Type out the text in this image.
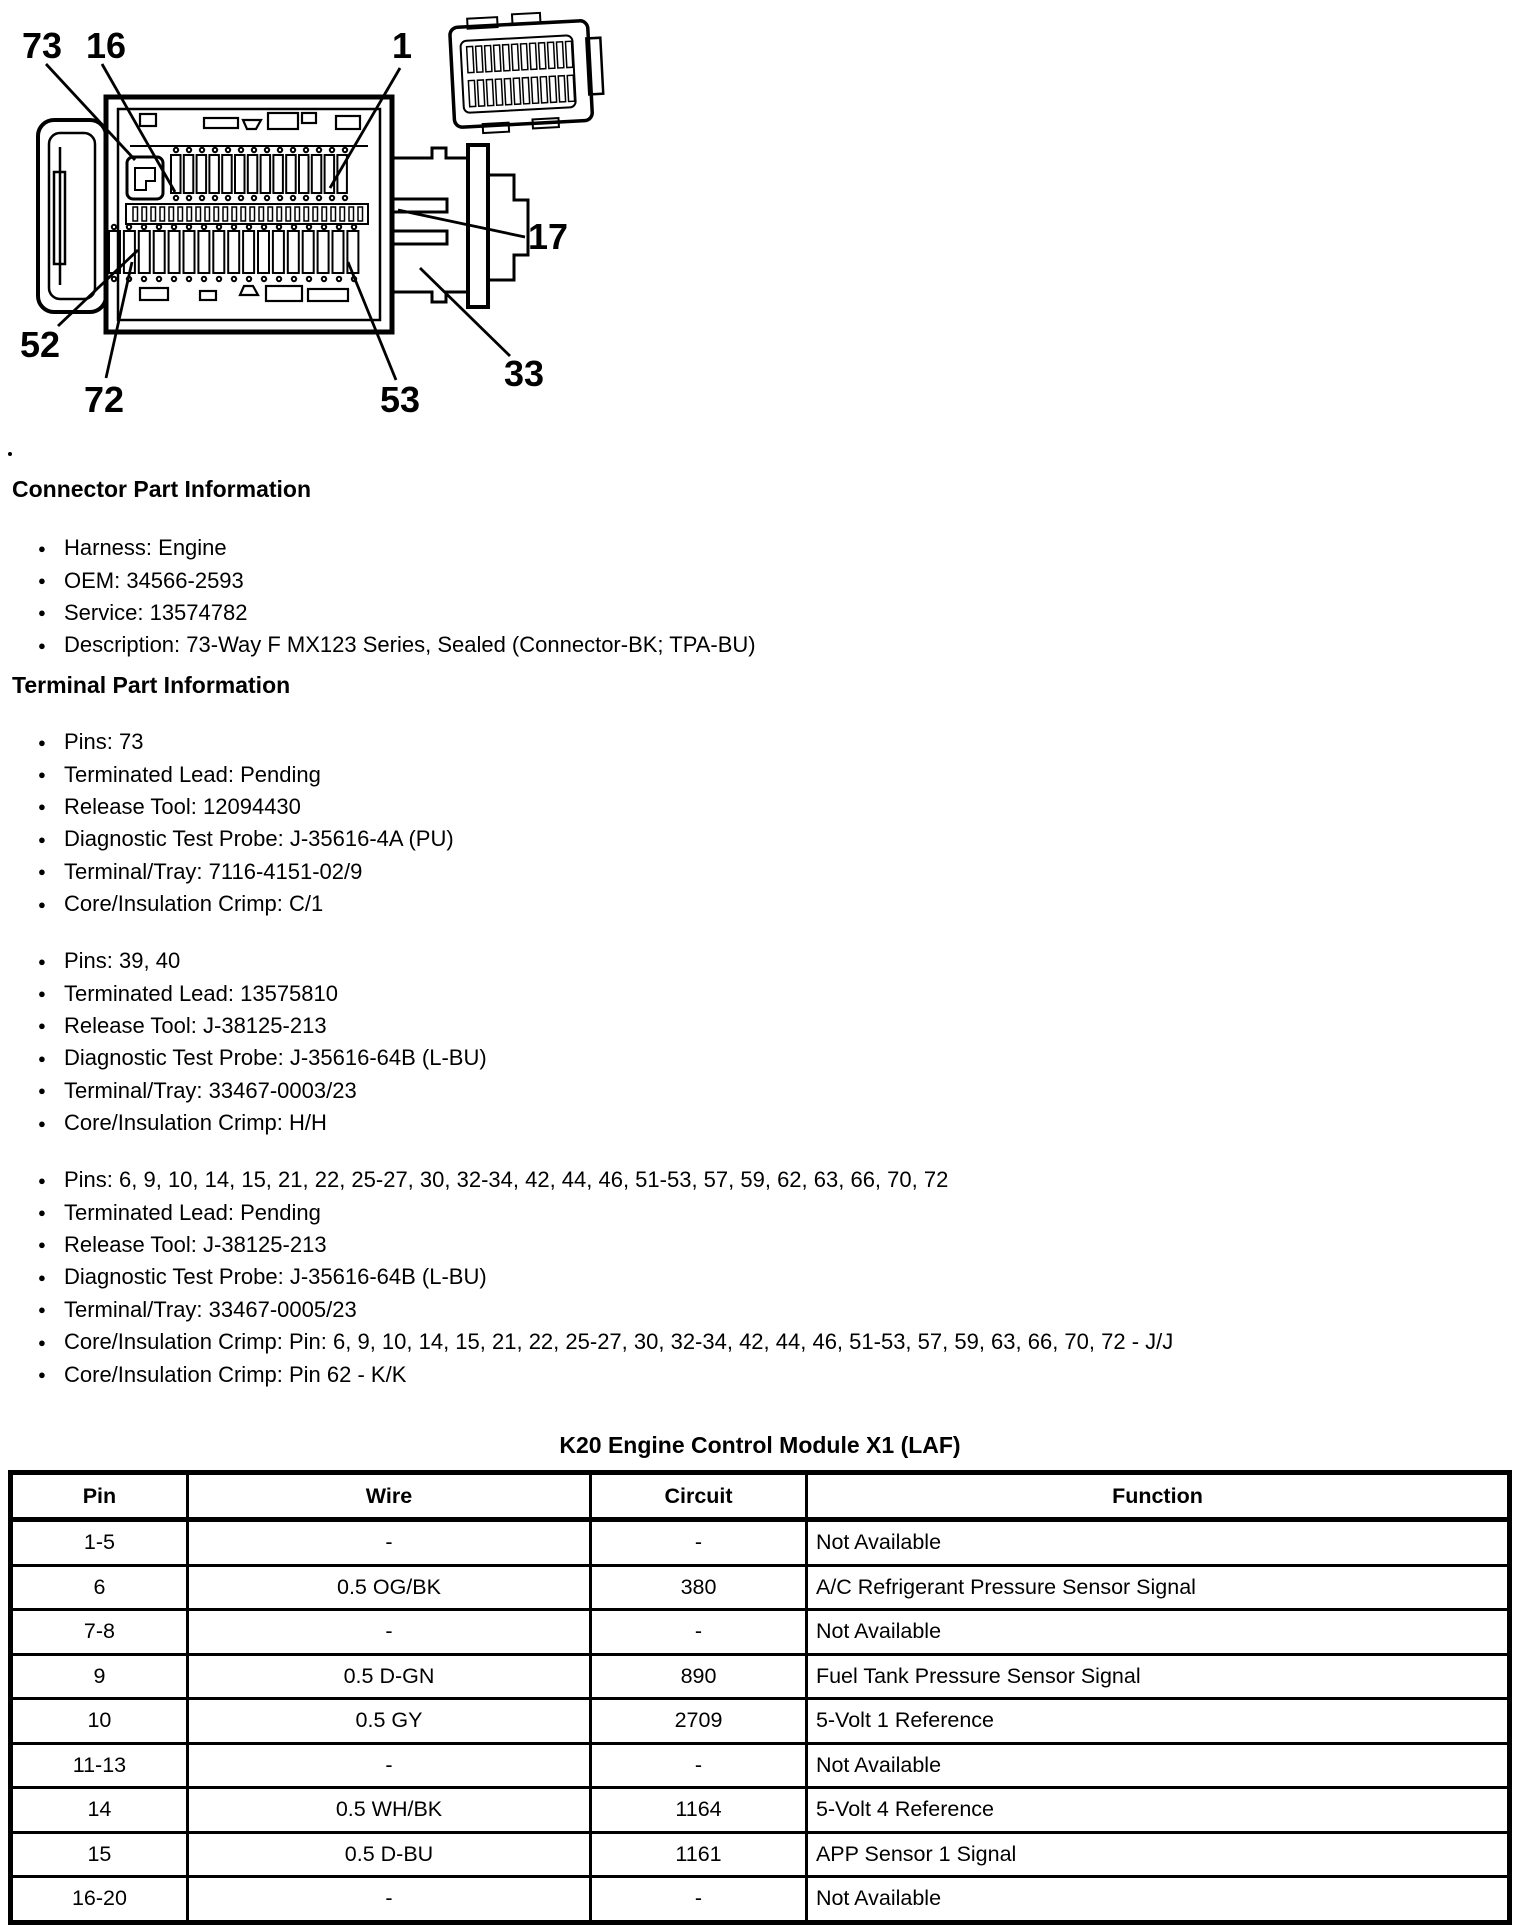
73 16	1
17
52
72	53
33
Connector Part Information
● Harness: Engine
● OEM: 34566-2593
● Service: 13574782
● Description: 73-Way F MX123 Series, Sealed (Connector-BK; TPA-BU)
Terminal Part Information
● Pins: 73
● Terminated Lead: Pending
● Release Tool: 12094430
● Diagnostic Test Probe: J-35616-4A (PU)
● Terminal/Tray: 7116-4151-02/9
● Core/Insulation Crimp: C/1
● Pins: 39, 40
● Terminated Lead: 13575810
● Release Tool: J-38125-213
● Diagnostic Test Probe: J-35616-64B (L-BU)
● Terminal/Tray: 33467-0003/23
● Core/Insulation Crimp: H/H
● Pins: 6, 9, 10, 14, 15, 21, 22, 25-27, 30, 32-34, 42, 44, 46, 51-53, 57, 59, 62, 63, 66, 70, 72
● Terminated Lead: Pending
● Release Tool: J-38125-213
● Diagnostic Test Probe: J-35616-64B (L-BU)
● Terminal/Tray: 33467-0005/23
● Core/Insulation Crimp: Pin: 6, 9, 10, 14, 15, 21, 22, 25-27, 30, 32-34, 42, 44, 46, 51-53, 57, 59, 63, 66, 70, 72 - J/J
● Core/Insulation Crimp: Pin 62 - K/K
K20 Engine Control Module X1 (LAF)
Pin	Wire	Circuit	Function
1-5	-	-	Not Available
6	0.5 OG/BK	380	A/C Refrigerant Pressure Sensor Signal
7-8	-	-	Not Available
9	0.5 D-GN	890	Fuel Tank Pressure Sensor Signal
10	0.5 GY	2709	5-Volt 1 Reference
11-13	-	-	Not Available
14	0.5 WH/BK	1164	5-Volt 4 Reference
15	0.5 D-BU	1161	APP Sensor 1 Signal
16-20	-	-	Not Available
